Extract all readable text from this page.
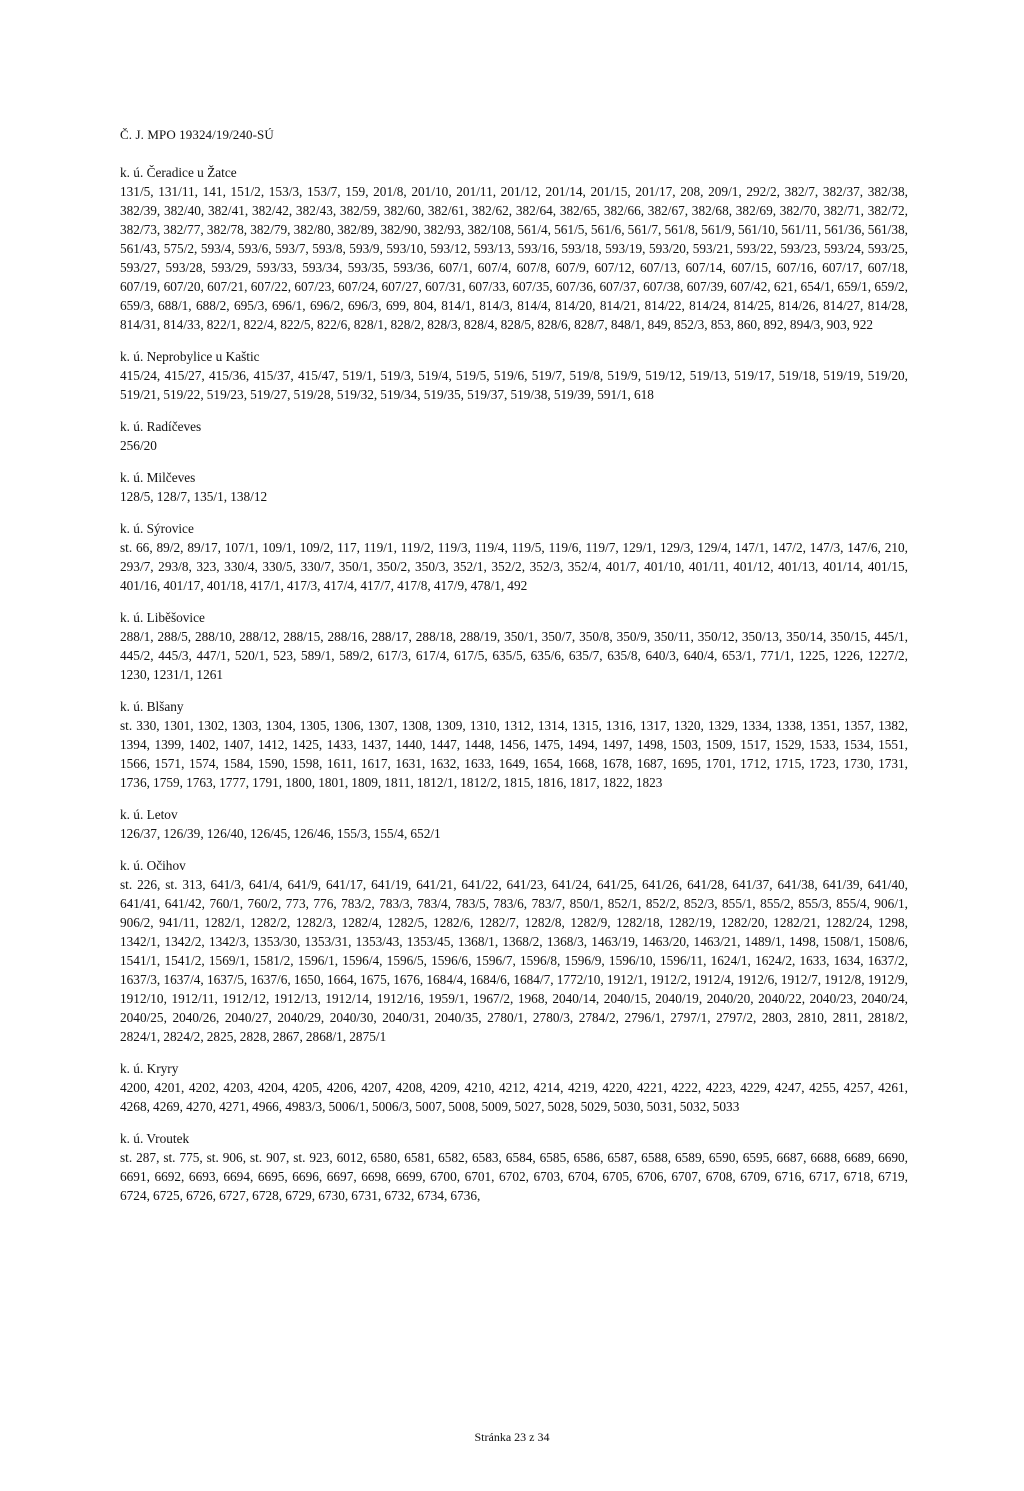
Č. J. MPO 19324/19/240-SÚ
k. ú. Čeradice u Žatce
131/5, 131/11, 141, 151/2, 153/3, 153/7, 159, 201/8, 201/10, 201/11, 201/12, 201/14, 201/15, 201/17, 208, 209/1, 292/2, 382/7, 382/37, 382/38, 382/39, 382/40, 382/41, 382/42, 382/43, 382/59, 382/60, 382/61, 382/62, 382/64, 382/65, 382/66, 382/67, 382/68, 382/69, 382/70, 382/71, 382/72, 382/73, 382/77, 382/78, 382/79, 382/80, 382/89, 382/90, 382/93, 382/108, 561/4, 561/5, 561/6, 561/7, 561/8, 561/9, 561/10, 561/11, 561/36, 561/38, 561/43, 575/2, 593/4, 593/6, 593/7, 593/8, 593/9, 593/10, 593/12, 593/13, 593/16, 593/18, 593/19, 593/20, 593/21, 593/22, 593/23, 593/24, 593/25, 593/27, 593/28, 593/29, 593/33, 593/34, 593/35, 593/36, 607/1, 607/4, 607/8, 607/9, 607/12, 607/13, 607/14, 607/15, 607/16, 607/17, 607/18, 607/19, 607/20, 607/21, 607/22, 607/23, 607/24, 607/27, 607/31, 607/33, 607/35, 607/36, 607/37, 607/38, 607/39, 607/42, 621, 654/1, 659/1, 659/2, 659/3, 688/1, 688/2, 695/3, 696/1, 696/2, 696/3, 699, 804, 814/1, 814/3, 814/4, 814/20, 814/21, 814/22, 814/24, 814/25, 814/26, 814/27, 814/28, 814/31, 814/33, 822/1, 822/4, 822/5, 822/6, 828/1, 828/2, 828/3, 828/4, 828/5, 828/6, 828/7, 848/1, 849, 852/3, 853, 860, 892, 894/3, 903, 922
k. ú. Neprobylice u Kaštic
415/24, 415/27, 415/36, 415/37, 415/47, 519/1, 519/3, 519/4, 519/5, 519/6, 519/7, 519/8, 519/9, 519/12, 519/13, 519/17, 519/18, 519/19, 519/20, 519/21, 519/22, 519/23, 519/27, 519/28, 519/32, 519/34, 519/35, 519/37, 519/38, 519/39, 591/1, 618
k. ú. Radíčeves
256/20
k. ú. Milčeves
128/5, 128/7, 135/1, 138/12
k. ú. Sýrovice
st. 66, 89/2, 89/17, 107/1, 109/1, 109/2, 117, 119/1, 119/2, 119/3, 119/4, 119/5, 119/6, 119/7, 129/1, 129/3, 129/4, 147/1, 147/2, 147/3, 147/6, 210, 293/7, 293/8, 323, 330/4, 330/5, 330/7, 350/1, 350/2, 350/3, 352/1, 352/2, 352/3, 352/4, 401/7, 401/10, 401/11, 401/12, 401/13, 401/14, 401/15, 401/16, 401/17, 401/18, 417/1, 417/3, 417/4, 417/7, 417/8, 417/9, 478/1, 492
k. ú. Liběšovice
288/1, 288/5, 288/10, 288/12, 288/15, 288/16, 288/17, 288/18, 288/19, 350/1, 350/7, 350/8, 350/9, 350/11, 350/12, 350/13, 350/14, 350/15, 445/1, 445/2, 445/3, 447/1, 520/1, 523, 589/1, 589/2, 617/3, 617/4, 617/5, 635/5, 635/6, 635/7, 635/8, 640/3, 640/4, 653/1, 771/1, 1225, 1226, 1227/2, 1230, 1231/1, 1261
k. ú. Blšany
st. 330, 1301, 1302, 1303, 1304, 1305, 1306, 1307, 1308, 1309, 1310, 1312, 1314, 1315, 1316, 1317, 1320, 1329, 1334, 1338, 1351, 1357, 1382, 1394, 1399, 1402, 1407, 1412, 1425, 1433, 1437, 1440, 1447, 1448, 1456, 1475, 1494, 1497, 1498, 1503, 1509, 1517, 1529, 1533, 1534, 1551, 1566, 1571, 1574, 1584, 1590, 1598, 1611, 1617, 1631, 1632, 1633, 1649, 1654, 1668, 1678, 1687, 1695, 1701, 1712, 1715, 1723, 1730, 1731, 1736, 1759, 1763, 1777, 1791, 1800, 1801, 1809, 1811, 1812/1, 1812/2, 1815, 1816, 1817, 1822, 1823
k. ú. Letov
126/37, 126/39, 126/40, 126/45, 126/46, 155/3, 155/4, 652/1
k. ú. Očihov
st. 226, st. 313, 641/3, 641/4, 641/9, 641/17, 641/19, 641/21, 641/22, 641/23, 641/24, 641/25, 641/26, 641/28, 641/37, 641/38, 641/39, 641/40, 641/41, 641/42, 760/1, 760/2, 773, 776, 783/2, 783/3, 783/4, 783/5, 783/6, 783/7, 850/1, 852/1, 852/2, 852/3, 855/1, 855/2, 855/3, 855/4, 906/1, 906/2, 941/11, 1282/1, 1282/2, 1282/3, 1282/4, 1282/5, 1282/6, 1282/7, 1282/8, 1282/9, 1282/18, 1282/19, 1282/20, 1282/21, 1282/24, 1298, 1342/1, 1342/2, 1342/3, 1353/30, 1353/31, 1353/43, 1353/45, 1368/1, 1368/2, 1368/3, 1463/19, 1463/20, 1463/21, 1489/1, 1498, 1508/1, 1508/6, 1541/1, 1541/2, 1569/1, 1581/2, 1596/1, 1596/4, 1596/5, 1596/6, 1596/7, 1596/8, 1596/9, 1596/10, 1596/11, 1624/1, 1624/2, 1633, 1634, 1637/2, 1637/3, 1637/4, 1637/5, 1637/6, 1650, 1664, 1675, 1676, 1684/4, 1684/6, 1684/7, 1772/10, 1912/1, 1912/2, 1912/4, 1912/6, 1912/7, 1912/8, 1912/9, 1912/10, 1912/11, 1912/12, 1912/13, 1912/14, 1912/16, 1959/1, 1967/2, 1968, 2040/14, 2040/15, 2040/19, 2040/20, 2040/22, 2040/23, 2040/24, 2040/25, 2040/26, 2040/27, 2040/29, 2040/30, 2040/31, 2040/35, 2780/1, 2780/3, 2784/2, 2796/1, 2797/1, 2797/2, 2803, 2810, 2811, 2818/2, 2824/1, 2824/2, 2825, 2828, 2867, 2868/1, 2875/1
k. ú. Kryry
4200, 4201, 4202, 4203, 4204, 4205, 4206, 4207, 4208, 4209, 4210, 4212, 4214, 4219, 4220, 4221, 4222, 4223, 4229, 4247, 4255, 4257, 4261, 4268, 4269, 4270, 4271, 4966, 4983/3, 5006/1, 5006/3, 5007, 5008, 5009, 5027, 5028, 5029, 5030, 5031, 5032, 5033
k. ú. Vroutek
st. 287, st. 775, st. 906, st. 907, st. 923, 6012, 6580, 6581, 6582, 6583, 6584, 6585, 6586, 6587, 6588, 6589, 6590, 6595, 6687, 6688, 6689, 6690, 6691, 6692, 6693, 6694, 6695, 6696, 6697, 6698, 6699, 6700, 6701, 6702, 6703, 6704, 6705, 6706, 6707, 6708, 6709, 6716, 6717, 6718, 6719, 6724, 6725, 6726, 6727, 6728, 6729, 6730, 6731, 6732, 6734, 6736,
Stránka 23 z 34
